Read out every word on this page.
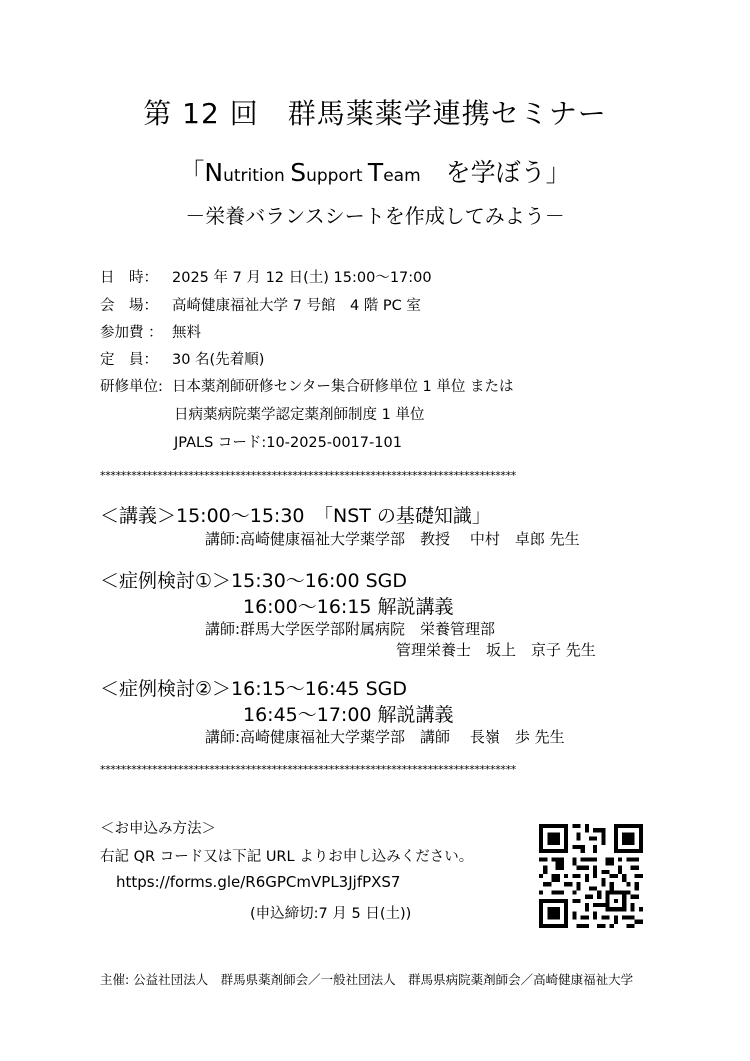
第 12 回　群馬薬薬学連携セミナー
「Nutrition Support Team　を学ぼう」
－栄養バランスシートを作成してみよう－
日　時： 2025 年 7 月 12 日(土) 15:00～17:00
会　場： 高崎健康福祉大学 7 号館　4 階 PC 室
参加費 ： 無料
定　員： 30 名(先着順)
研修単位: 日本薬剤師研修センター集合研修単位 1 単位 または
日病薬病院薬学認定薬剤師制度 1 単位
JPALS コード:10-2025-0017-101
********************************************************************************
＜講義＞15:00～15:30　「NST の基礎知識」
講師:高崎健康福祉大学薬学部　教授　 中村　卓郎 先生
＜症例検討①＞15:30～16:00 SGD
16:00～16:15 解説講義
講師:群馬大学医学部附属病院　栄養管理部
管理栄養士　坂上　京子 先生
＜症例検討②＞16:15～16:45 SGD
16:45～17:00 解説講義
講師:高崎健康福祉大学薬学部　講師　 長嶺　歩 先生
********************************************************************************
＜お申込み方法＞
右記 QR コード又は下記 URL よりお申し込みください。
https://forms.gle/R6GPCmVPL3JjfPXS7
(申込締切:7 月 5 日(土))
主催: 公益社団法人　群馬県薬剤師会／一般社団法人　群馬県病院薬剤師会／高崎健康福祉大学
